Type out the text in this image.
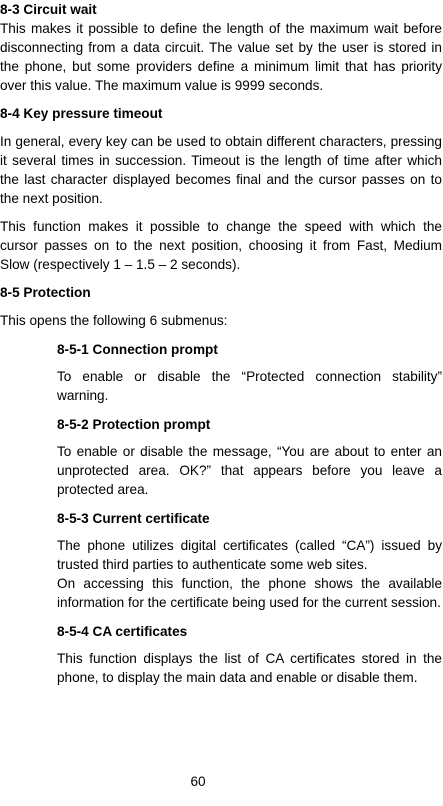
8-3 Circuit wait

This makes it possible to define the length of the maximum wait before disconnecting from a data circuit. The value set by the user is stored in the phone, but some providers define a minimum limit that has priority over this value. The maximum value is 9999 seconds.

8-4 Key pressure timeout

In general, every key can be used to obtain different characters, pressing it several times in succession. Timeout is the length of time after which the last character displayed becomes final and the cursor passes on to the next position.

This function makes it possible to change the speed with which the cursor passes on to the next position, choosing it from Fast, Medium Slow (respectively 1 – 1.5 – 2 seconds).

8-5 Protection

This opens the following 6 submenus:

8-5-1 Connection prompt

To enable or disable the “Protected connection stability” warning.

8-5-2 Protection prompt

To enable or disable the message, “You are about to enter an unprotected area. OK?” that appears before you leave a protected area.

8-5-3 Current certificate

The phone utilizes digital certificates (called “CA”) issued by trusted third parties to authenticate some web sites.

On accessing this function, the phone shows the available information for the certificate being used for the current session.

8-5-4 CA certificates

This function displays the list of CA certificates stored in the phone, to display the main data and enable or disable them.

60
